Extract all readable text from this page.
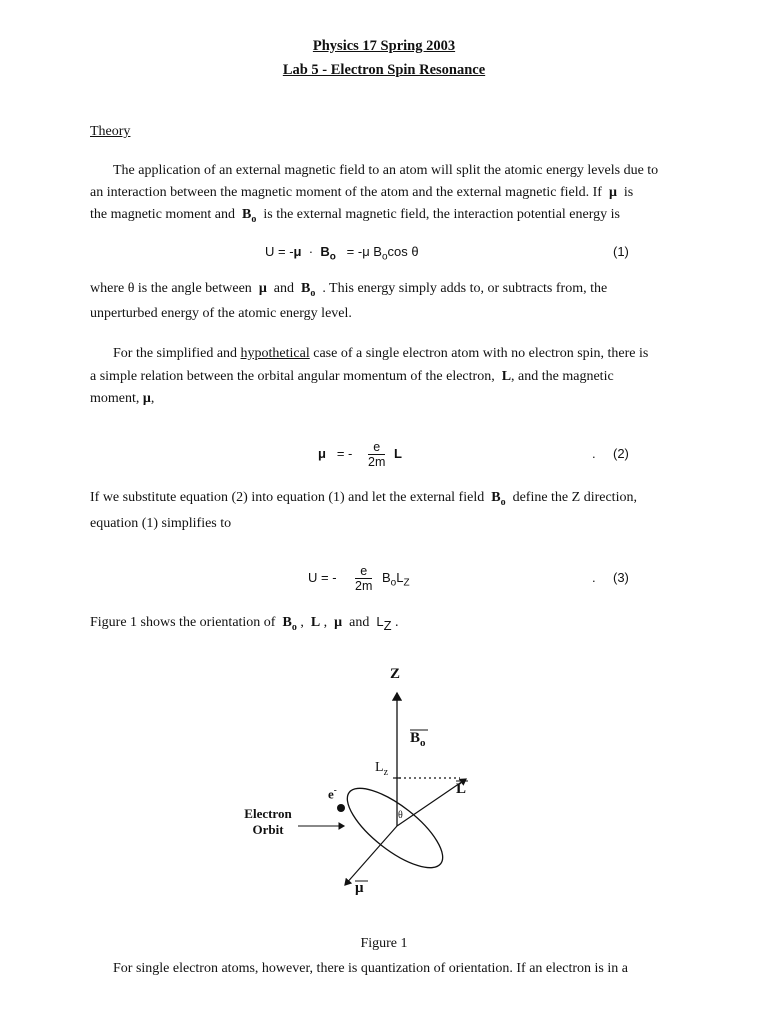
Physics 17 Spring 2003
Lab 5 - Electron Spin Resonance
Theory
The application of an external magnetic field to an atom will split the atomic energy levels due to
an interaction between the magnetic moment of the atom and the external magnetic field. If μ is
the magnetic moment and $B_o$ is the external magnetic field, the interaction potential energy is
$U = -\mu \cdot B_o = -\mu$ $B_o\cos$ θ	(1)
where θ is the angle between μ and $B_o$ . This energy simply adds to, or subtracts from, the
unperturbed energy of the atomic energy level.
For the simplified and hypothetical case of a single electron atom with no electron spin, there is
a simple relation between the orbital angular momentum of the electron, L, and the magnetic
moment, μ,
μ = - $\frac{e}{2m}$ L	. (2)
If we substitute equation (2) into equation (1) and let the external field $B_o$ define the Z direction,
equation (1) simplifies to
U = - $\frac{e}{2m} B_oL_Z$	. (3)
Figure 1 shows the orientation of $B_o$ , L , μ and $L_Z$ .
Z
$B_o$
$L_z$
L
e-
θ
Electron
Orbit
μ
Figure 1
For single electron atoms, however, there is quantization of orientation. If an electron is in a
